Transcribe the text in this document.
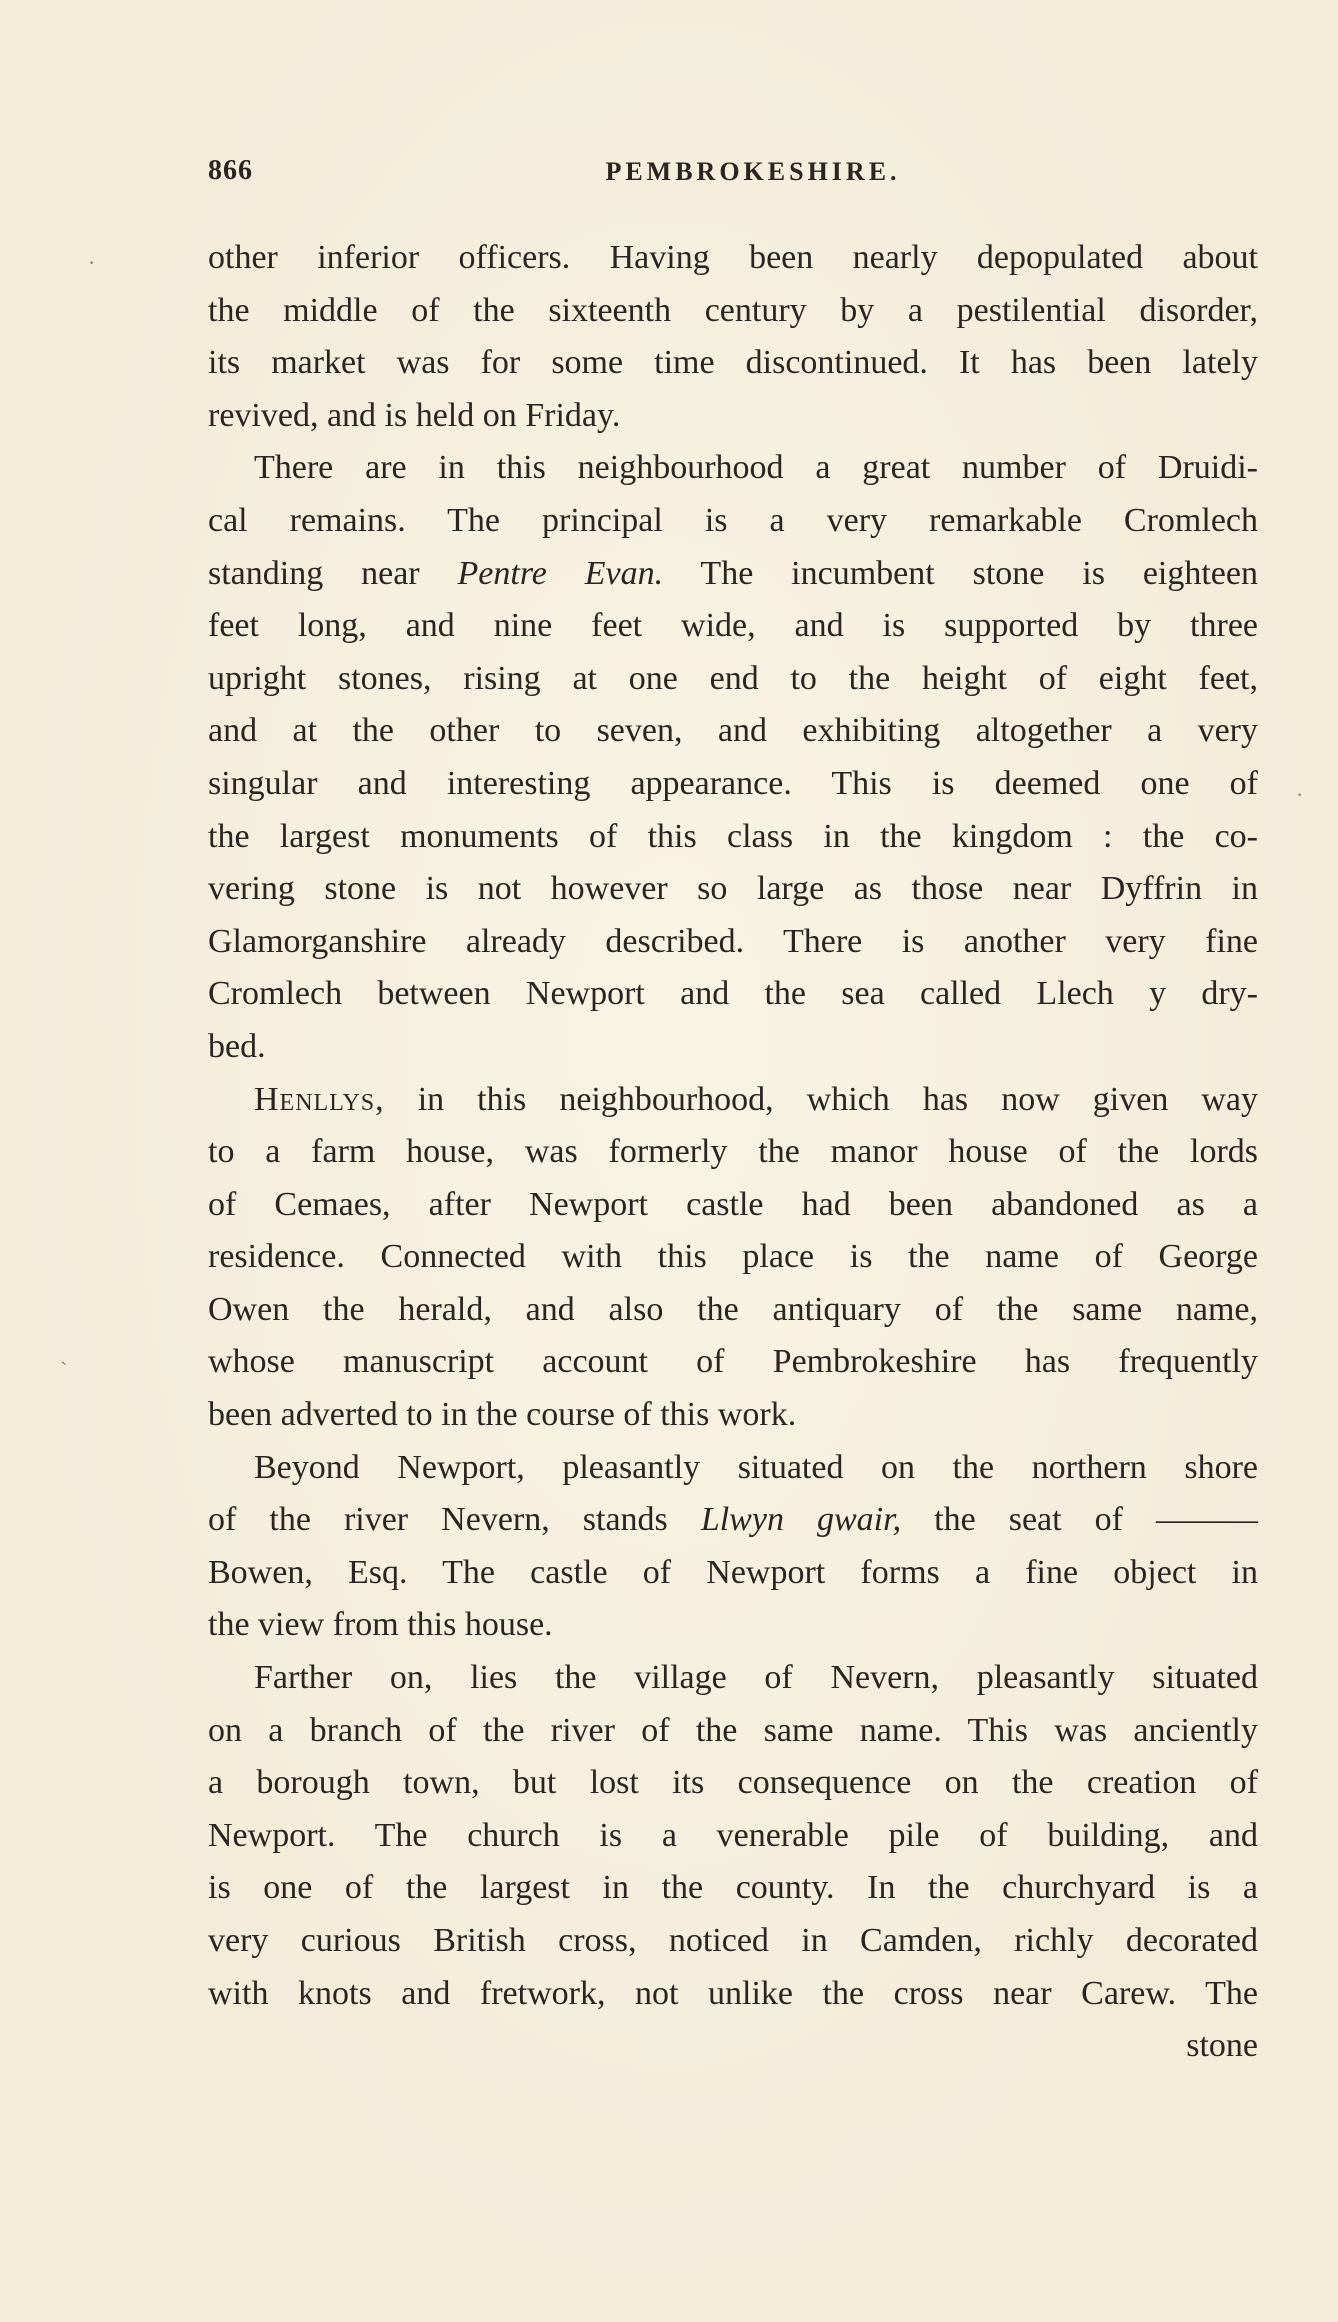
866	PEMBROKESHIRE.
·
·
ˎ
other inferior officers. Having been nearly depopulated about
the middle of the sixteenth century by a pestilential disorder,
its market was for some time discontinued. It has been lately
revived, and is held on Friday.
There are in this neighbourhood a great number of Druidi-
cal remains. The principal is a very remarkable Cromlech
standing near Pentre Evan. The incumbent stone is eighteen
feet long, and nine feet wide, and is supported by three
upright stones, rising at one end to the height of eight feet,
and at the other to seven, and exhibiting altogether a very
singular and interesting appearance. This is deemed one of
the largest monuments of this class in the kingdom : the co-
vering stone is not however so large as those near Dyffrin in
Glamorganshire already described. There is another very fine
Cromlech between Newport and the sea called Llech y dry-
bed.
Henllys, in this neighbourhood, which has now given way
to a farm house, was formerly the manor house of the lords
of Cemaes, after Newport castle had been abandoned as a
residence. Connected with this place is the name of George
Owen the herald, and also the antiquary of the same name,
whose manuscript account of Pembrokeshire has frequently
been adverted to in the course of this work.
Beyond Newport, pleasantly situated on the northern shore
of the river Nevern, stands Llwyn gwair, the seat of ———
Bowen, Esq. The castle of Newport forms a fine object in
the view from this house.
Farther on, lies the village of Nevern, pleasantly situated
on a branch of the river of the same name. This was anciently
a borough town, but lost its consequence on the creation of
Newport. The church is a venerable pile of building, and
is one of the largest in the county. In the churchyard is a
very curious British cross, noticed in Camden, richly decorated
with knots and fretwork, not unlike the cross near Carew. The
stone
